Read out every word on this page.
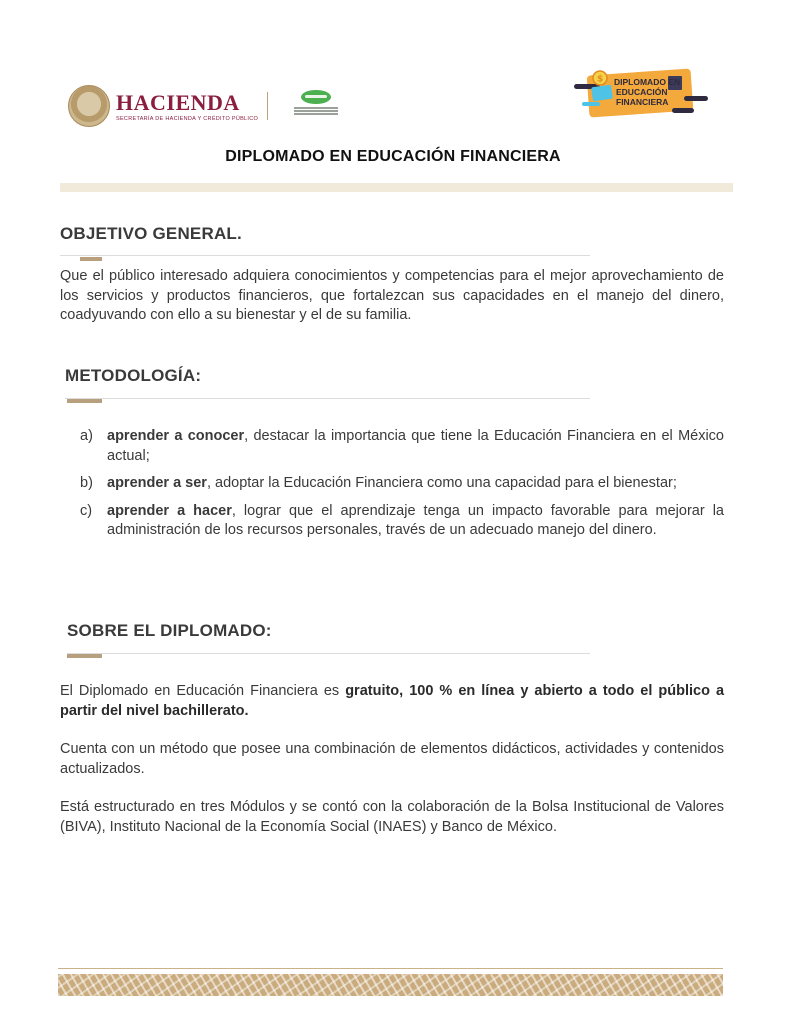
HACIENDA
SECRETARÍA DE HACIENDA Y CRÉDITO PÚBLICO
$ DIPLOMADO EN
EDUCACIÓN
FINANCIERA
DIPLOMADO EN EDUCACIÓN FINANCIERA
OBJETIVO GENERAL.
Que el público interesado adquiera conocimientos y competencias para el mejor aprovechamiento de los servicios y productos financieros, que fortalezcan sus capacidades en el manejo del dinero, coadyuvando con ello a su bienestar y el de su familia.
METODOLOGÍA:
a) aprender a conocer, destacar la importancia que tiene la Educación Financiera en el México actual;
b) aprender a ser, adoptar la Educación Financiera como una capacidad para el bienestar;
c)	aprender a hacer, lograr que el aprendizaje tenga un impacto favorable para mejorar la administración de los recursos personales, través de un adecuado manejo del dinero.
SOBRE EL DIPLOMADO:
El Diplomado en Educación Financiera es gratuito, 100 % en línea y abierto a todo el público a partir del nivel bachillerato.
Cuenta con un método que posee una combinación de elementos didácticos, actividades y contenidos actualizados.
Está estructurado en tres Módulos y se contó con la colaboración de la Bolsa Institucional de Valores (BIVA), Instituto Nacional de la Economía Social (INAES) y Banco de México.
